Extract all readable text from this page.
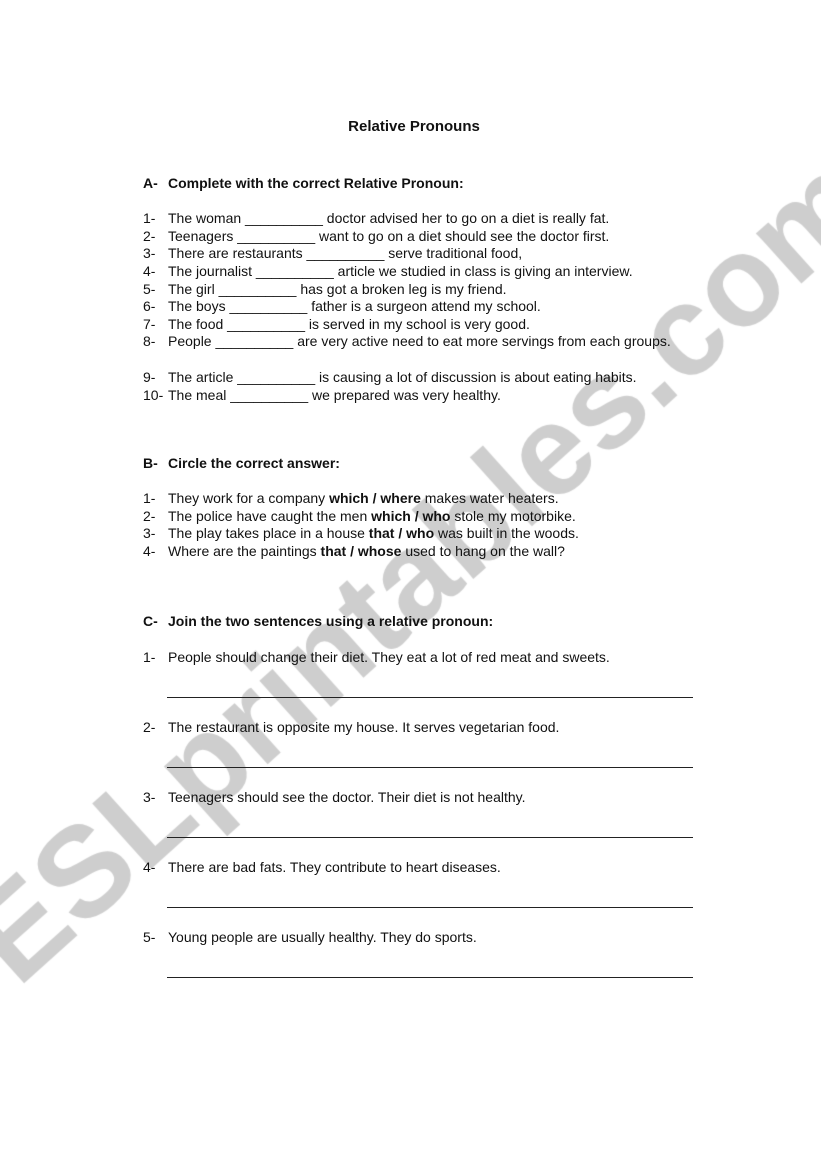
Relative Pronouns
A- Complete with the correct Relative Pronoun:
1- The woman __________ doctor advised her to go on a diet is really fat.
2- Teenagers __________ want to go on a diet should see the doctor first.
3- There are restaurants __________ serve traditional food,
4- The journalist __________ article we studied in class is giving an interview.
5- The girl __________ has got a broken leg is my friend.
6- The boys __________ father is a surgeon attend my school.
7- The food __________ is served in my school is very good.
8- People __________ are very active need to eat more servings from each groups.
9- The article __________ is causing a lot of discussion is about eating habits.
10- The meal __________ we prepared was very healthy.
B- Circle the correct answer:
1- They work for a company which / where makes water heaters.
2- The police have caught the men which / who stole my motorbike.
3- The play takes place in a house that / who was built in the woods.
4- Where are the paintings that / whose used to hang on the wall?
C- Join the two sentences using a relative pronoun:
1- People should change their diet. They eat a lot of red meat and sweets.
2- The restaurant is opposite my house. It serves vegetarian food.
3- Teenagers should see the doctor. Their diet is not healthy.
4- There are bad fats. They contribute to heart diseases.
5- Young people are usually healthy. They do sports.
